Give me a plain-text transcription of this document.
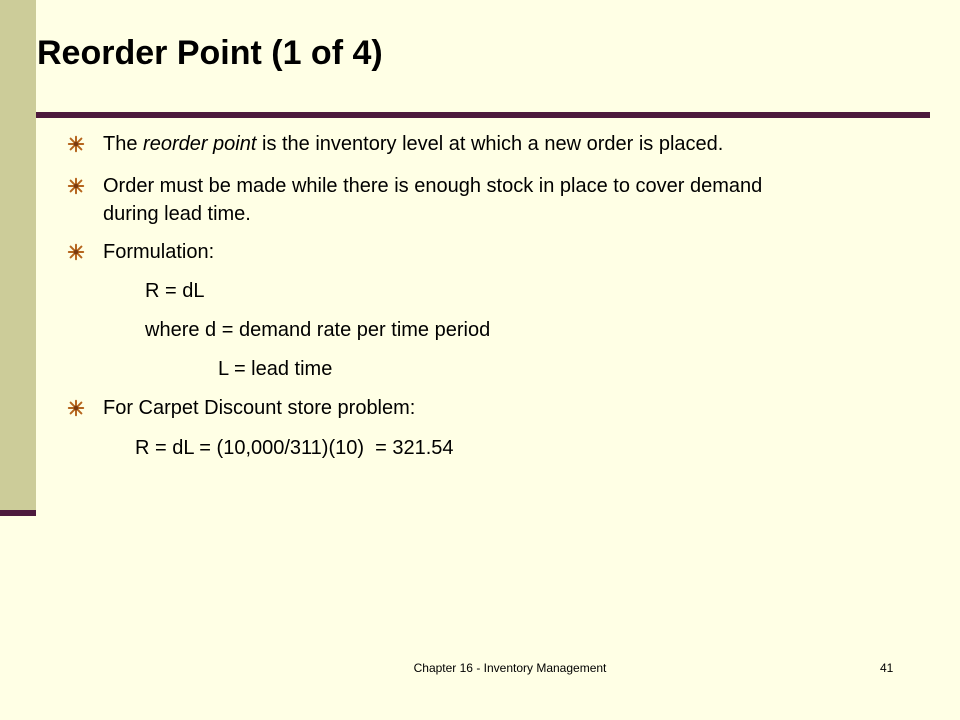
Reorder Point (1 of 4)
The reorder point is the inventory level at which a new order is placed.
Order must be made while there is enough stock in place to cover demand
during lead time.
Formulation:
R = dL
where d = demand rate per time period
L = lead time
For Carpet Discount store problem:
R = dL = (10,000/311)(10)  = 321.54
Chapter 16 - Inventory Management	41
